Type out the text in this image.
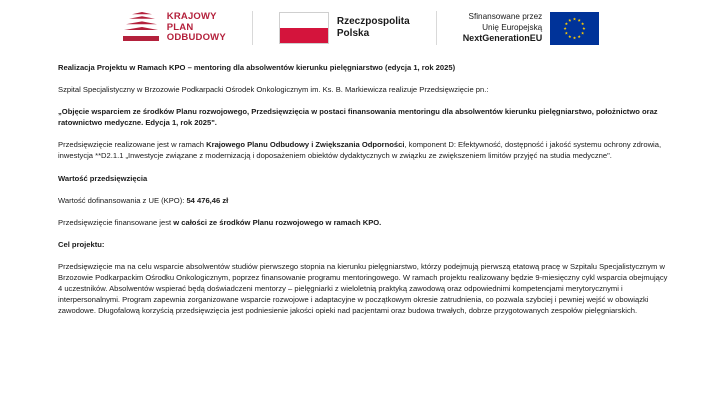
KRAJOWY
PLAN
ODBUDOWY
Rzeczpospolita
Polska
Sfinansowane przez
Unię Europejską
NextGenerationEU

Realizacja Projektu w Ramach KPO – mentoring dla absolwentów kierunku pielęgniarstwo (edycja 1, rok 2025)

Szpital Specjalistyczny w Brzozowie Podkarpacki Ośrodek Onkologicznym im. Ks. B. Markiewicza realizuje Przedsięwzięcie pn.:

„Objęcie wsparciem ze środków Planu rozwojowego, Przedsięwzięcia w postaci finansowania mentoringu dla absolwentów kierunku pielęgniarstwo, położnictwo oraz ratownictwo medyczne. Edycja 1, rok 2025".

Przedsięwzięcie realizowane jest w ramach Krajowego Planu Odbudowy i Zwiększania Odporności, komponent D: Efektywność, dostępność i jakość systemu ochrony zdrowia, inwestycja **D2.1.1 „Inwestycje związane z modernizacją i doposażeniem obiektów dydaktycznych w związku ze zwiększeniem limitów przyjęć na studia medyczne".

Wartość przedsięwzięcia

Wartość dofinansowania z UE (KPO): 54 476,46 zł

Przedsięwzięcie finansowane jest w całości ze środków Planu rozwojowego w ramach KPO.

Cel projektu:

Przedsięwzięcie ma na celu wsparcie absolwentów studiów pierwszego stopnia na kierunku pielęgniarstwo, którzy podejmują pierwszą etatową pracę w Szpitalu Specjalistycznym w Brzozowie Podkarpackim Ośrodku Onkologicznym, poprzez finansowanie programu mentoringowego. W ramach projektu realizowany będzie 9-miesięczny cykl wsparcia obejmujący 4 uczestników. Absolwentów wspierać będą doświadczeni mentorzy – pielęgniarki z wieloletnią praktyką zawodową oraz odpowiednimi kompetencjami merytorycznymi i interpersonalnymi. Program zapewnia zorganizowane wsparcie rozwojowe i adaptacyjne w początkowym okresie zatrudnienia, co pozwala szybciej i pewniej wejść w obowiązki zawodowe. Długofalową korzyścią przedsięwzięcia jest podniesienie jakości opieki nad pacjentami oraz budowa trwałych, dobrze przygotowanych zespołów pielęgniarskich.
